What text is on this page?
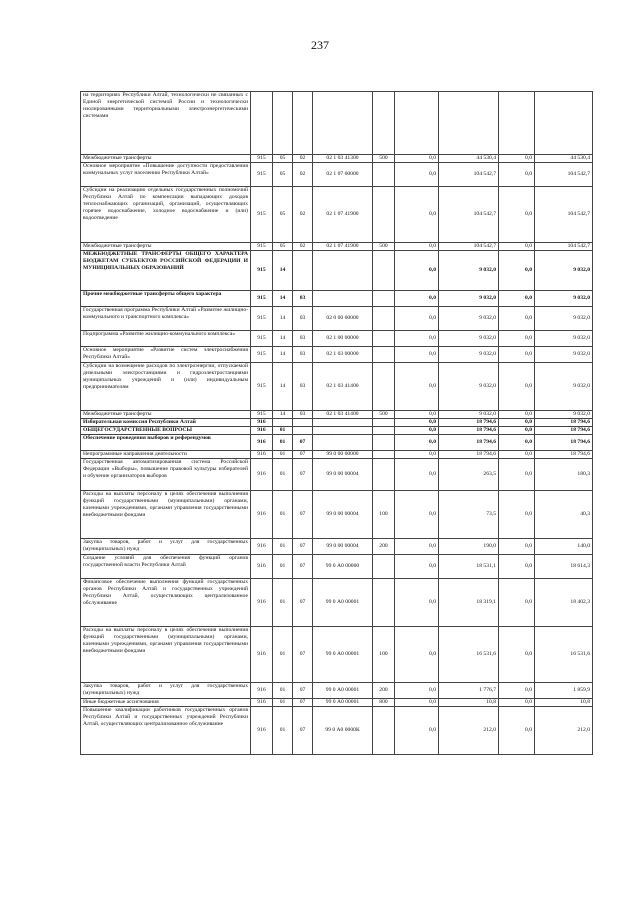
237
на территориях Республики Алтай, технологически не связанных с Единой энергетической системой России и технологически изолированными территориальными электроэнергетическими системами									
Межбюджетные трансферты	915	05	02	02 1 03 41300	500	0,0	44 530,4	0,0	44 530,4
Основное мероприятие «Повышение доступности предоставления коммунальных услуг населению Республики Алтай»	915	05	02	02 1 07 00000		0,0	104 542,7	0,0	104 542,7
Субсидии на реализацию отдельных государственных полномочий Республики Алтай по компенсации выпадающих доходов теплоснабжающих организаций, организаций, осуществляющих горячее водоснабжение, холодное водоснабжение и (или) водоотведение	915	05	02	02 1 07 41900		0,0	104 542,7	0,0	104 542,7
Межбюджетные трансферты	915	05	02	02 1 07 41900	500	0,0	104 542,7	0,0	104 542,7
МЕЖБЮДЖЕТНЫЕ ТРАНСФЕРТЫ ОБЩЕГО ХАРАКТЕРА БЮДЖЕТАМ СУБЪЕКТОВ РОССИЙСКОЙ ФЕДЕРАЦИИ И МУНИЦИПАЛЬНЫХ ОБРАЗОВАНИЙ	915	14				0,0	9 032,0	0,0	9 032,0
Прочие межбюджетные трансферты общего характера	915	14	03			0,0	9 032,0	0,0	9 032,0
Государственная программа Республики Алтай «Развитие жилищно-коммунального и транспортного комплекса»	915	14	03	02 0 00 00000		0,0	9 032,0	0,0	9 032,0
Подпрограмма «Развитие жилищно-коммунального комплекса»	915	14	03	02 1 00 00000		0,0	9 032,0	0,0	9 032,0
Основное мероприятие «Развитие систем электроснабжения Республики Алтай»	915	14	03	02 1 03 00000		0,0	9 032,0	0,0	9 032,0
Субсидии на возмещение расходов по электроэнергии, отпускаемой дизельными электростанциями и гидроэлектростанциями муниципальных учреждений и (или) индивидуальным предпринимателям	915	14	03	02 1 03 41400		0,0	9 032,0	0,0	9 032,0
Межбюджетные трансферты	915	14	03	02 1 03 41400	500	0,0	9 032,0	0,0	9 032,0
Избирательная комиссия Республики Алтай	916					0,0	18 794,6	0,0	18 794,6
ОБЩЕГОСУДАРСТВЕННЫЕ ВОПРОСЫ	916	01				0,0	18 794,6	0,0	18 794,6
Обеспечение проведения выборов и референдумов	916	01	07			0,0	18 794,6	0,0	18 794,6
Непрограммные направления деятельности	916	01	07	99 0 00 00000		0,0	18 794,6	0,0	18 794,6
Государственная автоматизированная система Российской Федерации «Выборы», повышение правовой культуры избирателей и обучение организаторов выборов	916	01	07	99 0 00 00004		0,0	263,5	0,0	180,3
Расходы на выплаты персоналу в целях обеспечения выполнения функций государственными (муниципальными) органами, казенными учреждениями, органами управления государственными внебюджетными фондами	916	01	07	99 0 00 00004	100	0,0	73,5	0,0	40,3
Закупка товаров, работ и услуг для государственных (муниципальных) нужд	916	01	07	99 0 00 00004	200	0,0	190,0	0,0	140,0
Создание условий для обеспечения функций органов государственной власти Республики Алтай	916	01	07	99 0 А0 00000		0,0	18 531,1	0,0	18 614,3
Финансовое обеспечение выполнения функций государственных органов Республики Алтай и государственных учреждений Республики Алтай, осуществляющих централизованное обслуживание	916	01	07	99 0 А0 00001		0,0	18 319,1	0,0	18 402,3
Расходы на выплаты персоналу в целях обеспечения выполнения функций государственными (муниципальными) органами, казенными учреждениями, органами управления государственными внебюджетными фондами	916	01	07	99 0 А0 00001	100	0,0	16 531,6	0,0	16 531,6
Закупка товаров, работ и услуг для государственных (муниципальных) нужд	916	01	07	99 0 А0 00001	200	0,0	1 776,7	0,0	1 859,9
Иные бюджетные ассигнования	916	01	07	99 0 А0 00001	800	0,0	10,8	0,0	10,8
Повышение квалификации работников государственных органов Республики Алтай и государственных учреждений Республики Алтай, осуществляющих централизованное обслуживание	916	01	07	99 0 А0 0000К		0,0	212,0	0,0	212,0
